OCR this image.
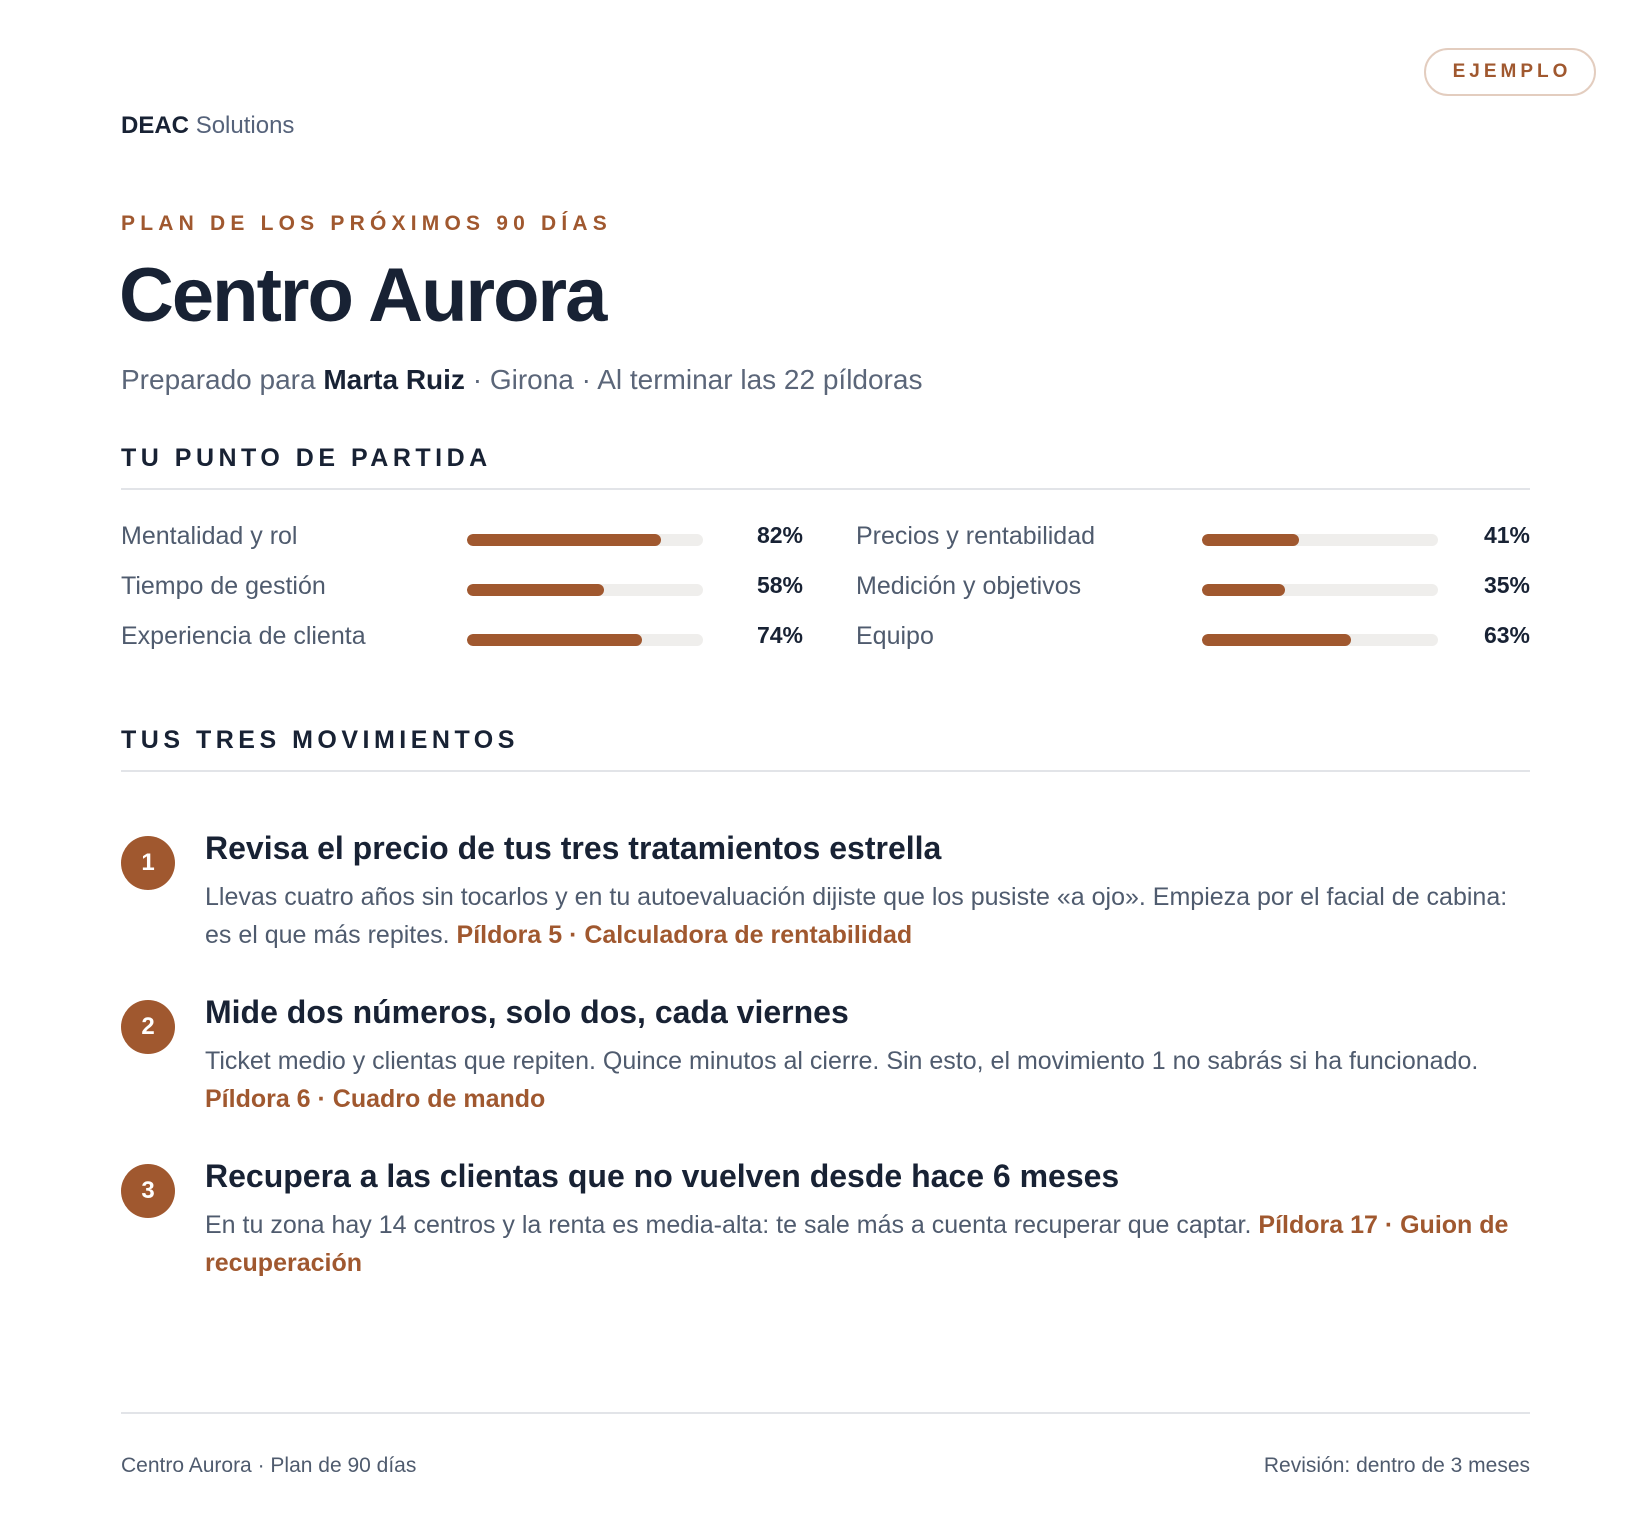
EJEMPLO
DEAC Solutions
PLAN DE LOS PRÓXIMOS 90 DÍAS
Centro Aurora
Preparado para Marta Ruiz · Girona · Al terminar las 22 píldoras
TU PUNTO DE PARTIDA
Mentalidad y rol	82%
Tiempo de gestión	58%
Experiencia de clienta	74%
Precios y rentabilidad	41%
Medición y objetivos	35%
Equipo	63%
TUS TRES MOVIMIENTOS
1	Revisa el precio de tus tres tratamientos estrella
Llevas cuatro años sin tocarlos y en tu autoevaluación dijiste que los pusiste «a ojo». Empieza por el facial de cabina: es el que más repites. Píldora 5 · Calculadora de rentabilidad
2	Mide dos números, solo dos, cada viernes
Ticket medio y clientas que repiten. Quince minutos al cierre. Sin esto, el movimiento 1 no sabrás si ha funcionado. Píldora 6 · Cuadro de mando
3	Recupera a las clientas que no vuelven desde hace 6 meses
En tu zona hay 14 centros y la renta es media-alta: te sale más a cuenta recuperar que captar. Píldora 17 · Guion de recuperación
Centro Aurora · Plan de 90 días	Revisión: dentro de 3 meses
